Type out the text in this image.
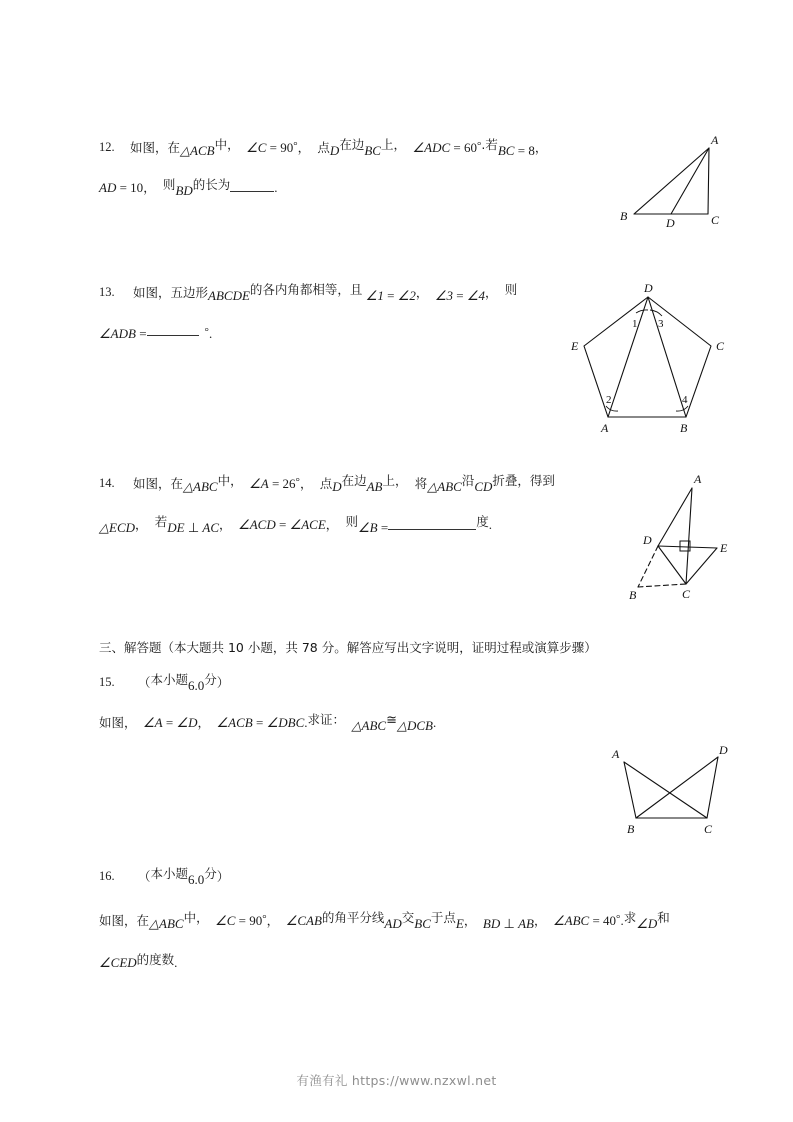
12. 如图，在△ACB中，  ∠C = 90°，  点D在边BC上，  ∠ADC = 60°.若BC = 8，
AD = 10，  则BD的长为	.
A
B	C
D
13. 如图，五边形ABCDE的各内角都相等，且 ∠1 = ∠2，  ∠3 = ∠4，  则
∠ADB =	°.
D
E	C
A	B
1 3
2	4
14. 如图，在△ABC中，  ∠A = 26°，  点D在边AB上，  将△ABC沿CD折叠，得到
△ECD，  若DE ⊥ AC，  ∠ACD = ∠ACE，  则∠B =	度.
A
D
E
C
B
三、解答题（本大题共 10 小题，共 78 分。解答应写出文字说明，证明过程或演算步骤）
15. （本小题6.0分）
如图，  ∠A = ∠D，  ∠ACB = ∠DBC.求证：  △ABC≅△DCB.
A	D
B	C
16. （本小题6.0分）
如图，在△ABC中，  ∠C = 90°，  ∠CAB的角平分线AD交BC于点E，  BD ⊥ AB，  ∠ABC = 40°.求∠D和
∠CED的度数.
有渔有礼 https://www.nzxwl.net
